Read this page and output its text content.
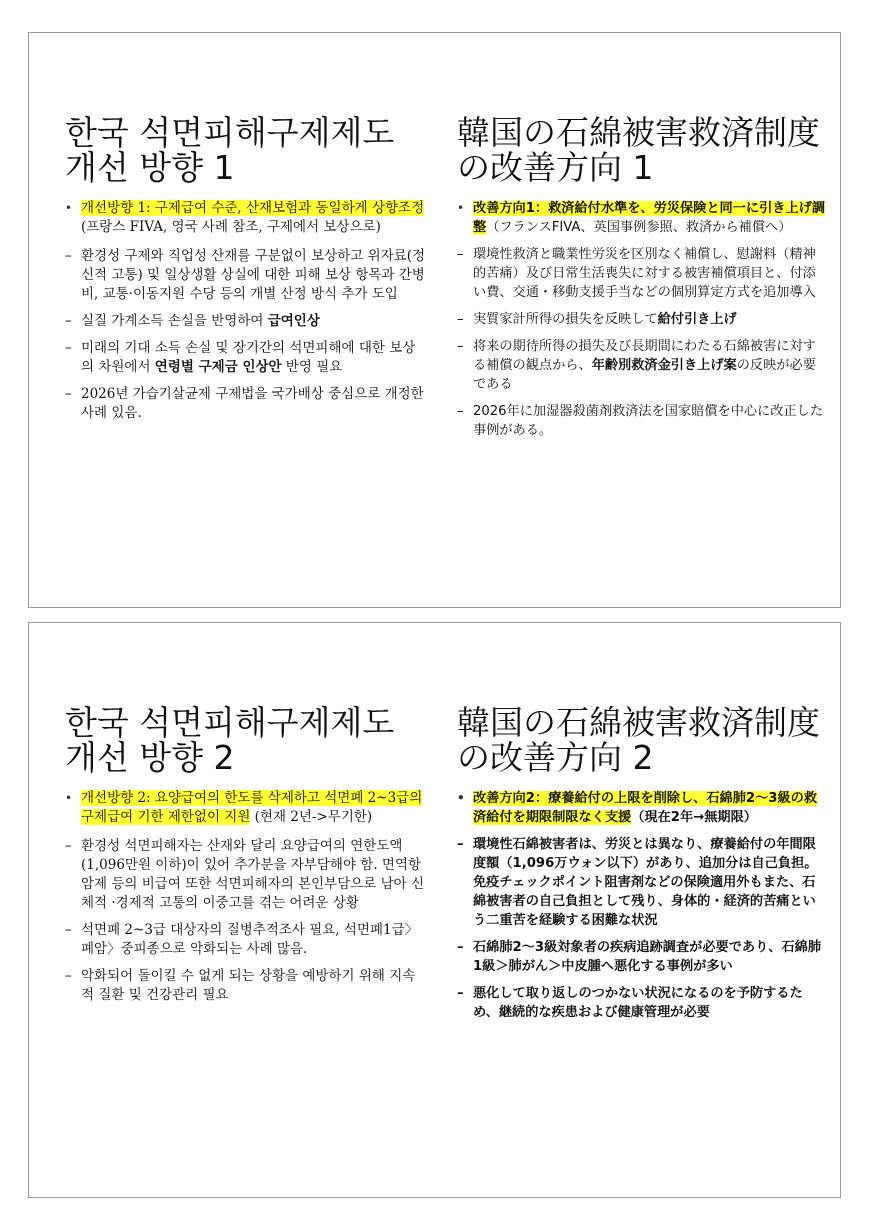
한국 석면피해구제제도
개선 방향 1
• 개선방향 1: 구제급여 수준, 산재보험과 동일하게 상향조정 (프랑스 FIVA, 영국 사례 참조, 구제에서 보상으로)
– 환경성 구제와 직업성 산재를 구분없이 보상하고 위자료(정신적 고통) 및 일상생활 상실에 대한 피해 보상 항목과 간병비, 교통·이동지원 수당 등의 개별 산정 방식 추가 도입
– 실질 가계소득 손실을 반영하여 급여인상
– 미래의 기대 소득 손실 및 장기간의 석면피해에 대한 보상의 차원에서 연령별 구제금 인상안 반영 필요
– 2026년 가습기살균제 구제법을 국가배상 중심으로 개정한 사례 있음.
韓国の石綿被害救済制度
の改善方向 1
• 改善方向1：救済給付水準を、労災保険と同一に引き上げ調整（フランスFIVA、英国事例参照、救済から補償へ）
– 環境性救済と職業性労災を区別なく補償し、慰謝料（精神的苦痛）及び日常生活喪失に対する被害補償項目と、付添い費、交通・移動支援手当などの個別算定方式を追加導入
– 実質家計所得の損失を反映して給付引き上げ
– 将来の期待所得の損失及び長期間にわたる石綿被害に対する補償の観点から、年齢別救済金引き上げ案の反映が必要である
– 2026年に加湿器殺菌剤救済法を国家賠償を中心に改正した事例がある。
한국 석면피해구제제도
개선 방향 2
• 개선방향 2: 요양급여의 한도를 삭제하고 석면폐 2~3급의 구제급여 기한 제한없이 지원 (현재 2년->무기한)
– 환경성 석면피해자는 산재와 달리 요양급여의 연한도액(1,096만원 이하)이 있어 추가분을 자부담해야 함. 면역항암제 등의 비급여 또한 석면피해자의 본인부담으로 남아 신체적 ·경제적 고통의 이중고를 겪는 어려운 상황
– 석면폐 2~3급 대상자의 질병추적조사 필요, 석면폐1급〉폐암〉중피종으로 악화되는 사례 많음.
– 악화되어 돌이킬 수 없게 되는 상황을 예방하기 위해 지속적 질환 및 건강관리 필요
韓国の石綿被害救済制度
の改善方向 2
• 改善方向2：療養給付の上限を削除し、石綿肺2〜3級の救済給付を期限制限なく支援（現在2年→無期限）
– 環境性石綿被害者は、労災とは異なり、療養給付の年間限度額（1,096万ウォン以下）があり、追加分は自己負担。免疫チェックポイント阻害剤などの保険適用外もまた、石綿被害者の自己負担として残り、身体的・経済的苦痛という二重苦を経験する困難な状況
– 石綿肺2〜3級対象者の疾病追跡調査が必要であり、石綿肺1級＞肺がん＞中皮腫へ悪化する事例が多い
– 悪化して取り返しのつかない状況になるのを予防するため、継続的な疾患および健康管理が必要
